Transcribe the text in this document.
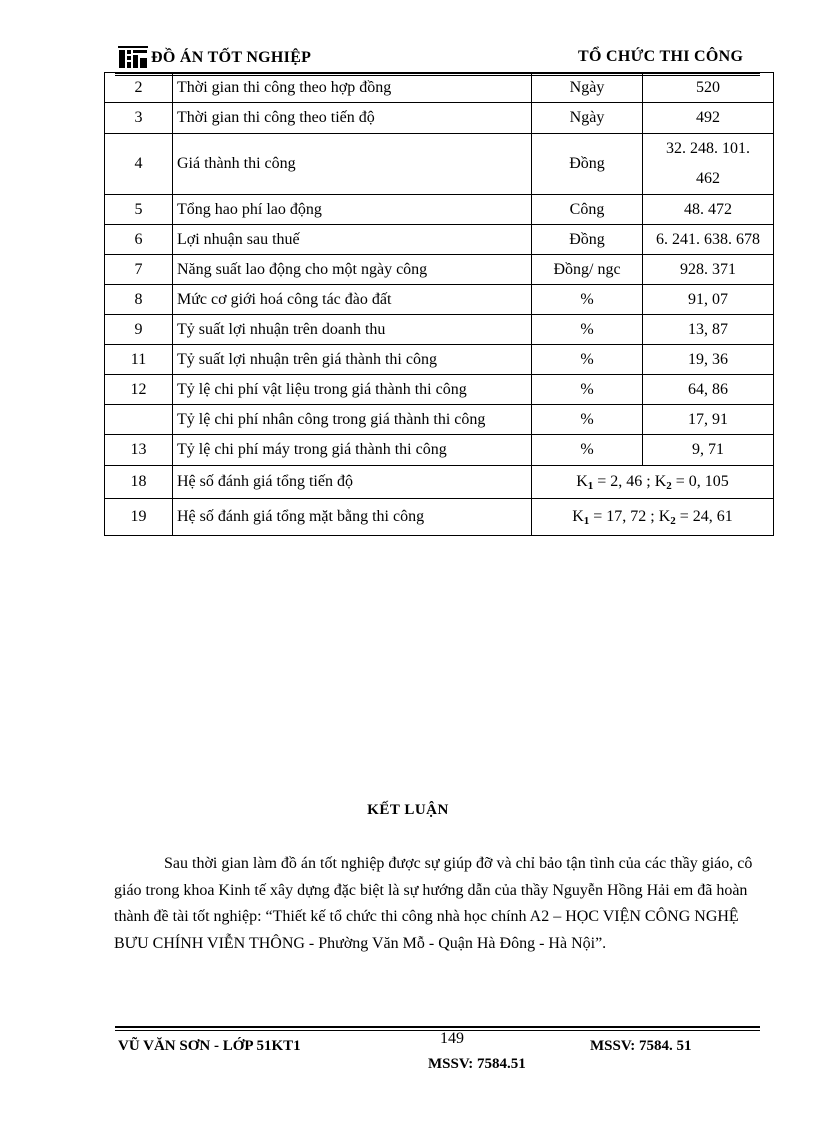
ĐỒ ÁN TỐT NGHIỆP	TỔ CHỨC THI CÔNG
2	Thời gian thi công theo hợp đồng	Ngày	520
3	Thời gian thi công theo tiến độ	Ngày	492
4	Giá thành thi công	Đồng	32. 248. 101.
462

5	Tổng hao phí lao động	Công	48. 472
6	Lợi nhuận sau thuế	Đồng	6. 241. 638. 678
7	Năng suất lao động cho một ngày công	Đồng/ ngc	928. 371
8	Mức cơ giới hoá công tác đào đất	%	91, 07
9	Tỷ suất lợi nhuận trên doanh thu	%	13, 87
11	Tỷ suất lợi nhuận trên giá thành thi công	%	19, 36
12	Tỷ lệ chi phí vật liệu trong giá thành thi công	%	64, 86
	Tỷ lệ chi phí nhân công trong giá thành thi công	%	17, 91
13	Tỷ lệ chi phí máy trong giá thành thi công	%	9, 71
18	Hệ số đánh giá tổng tiến độ	$K_1 = 2$, 46 ; $K_2 = 0$, 105	
19	Hệ số đánh giá tổng mặt bằng thi công	$K_1 = 17$, 72 ; $K_2 = 24$, 61	
KẾT LUẬN
Sau thời gian làm đồ án tốt nghiệp được sự giúp đỡ và chỉ bảo tận tình của các thầy giáo, cô giáo trong khoa Kinh tế xây dựng đặc biệt là sự hướng dẫn của thầy Nguyễn Hồng Hải em đã hoàn thành đề tài tốt nghiệp: “Thiết kế tổ chức thi công nhà học chính A2 – HỌC VIỆN CÔNG NGHỆ BƯU CHÍNH VIỄN THÔNG - Phường Văn Mỗ - Quận Hà Đông - Hà Nội”.
VŨ VĂN SƠN - LỚP 51KT1	149	MSSV: 7584. 51
MSSV: 7584.51
